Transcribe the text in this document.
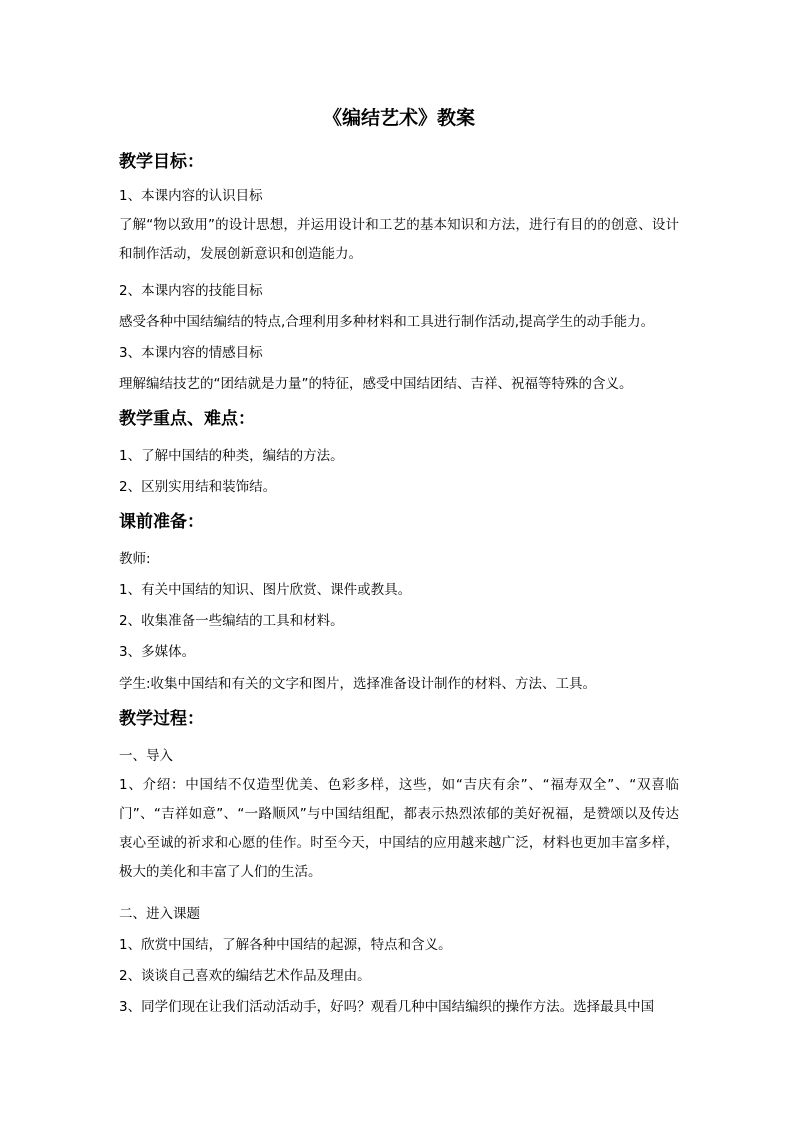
《编结艺术》教案
教学目标：
1、本课内容的认识目标
了解“物以致用”的设计思想，并运用设计和工艺的基本知识和方法，进行有目的的创意、设计和制作活动，发展创新意识和创造能力。
2、本课内容的技能目标
感受各种中国结编结的特点,合理利用多种材料和工具进行制作活动,提高学生的动手能力。
3、本课内容的情感目标
理解编结技艺的“团结就是力量”的特征，感受中国结团结、吉祥、祝福等特殊的含义。
教学重点、难点：
1、了解中国结的种类，编结的方法。
2、区别实用结和装饰结。
课前准备：
教师:
1、有关中国结的知识、图片欣赏、课件或教具。
2、收集准备一些编结的工具和材料。
3、多媒体。
学生:收集中国结和有关的文字和图片，选择准备设计制作的材料、方法、工具。
教学过程：
一、导入
1、介绍：中国结不仅造型优美、色彩多样，这些，如“吉庆有余”、“福寿双全”、“双喜临门”、“吉祥如意”、“一路顺风”与中国结组配，都表示热烈浓郁的美好祝福，是赞颂以及传达衷心至诚的祈求和心愿的佳作。时至今天，中国结的应用越来越广泛，材料也更加丰富多样，极大的美化和丰富了人们的生活。
二、进入课题
1、欣赏中国结，了解各种中国结的起源，特点和含义。
2、谈谈自己喜欢的编结艺术作品及理由。
3、同学们现在让我们活动活动手，好吗？观看几种中国结编织的操作方法。选择最具中国
